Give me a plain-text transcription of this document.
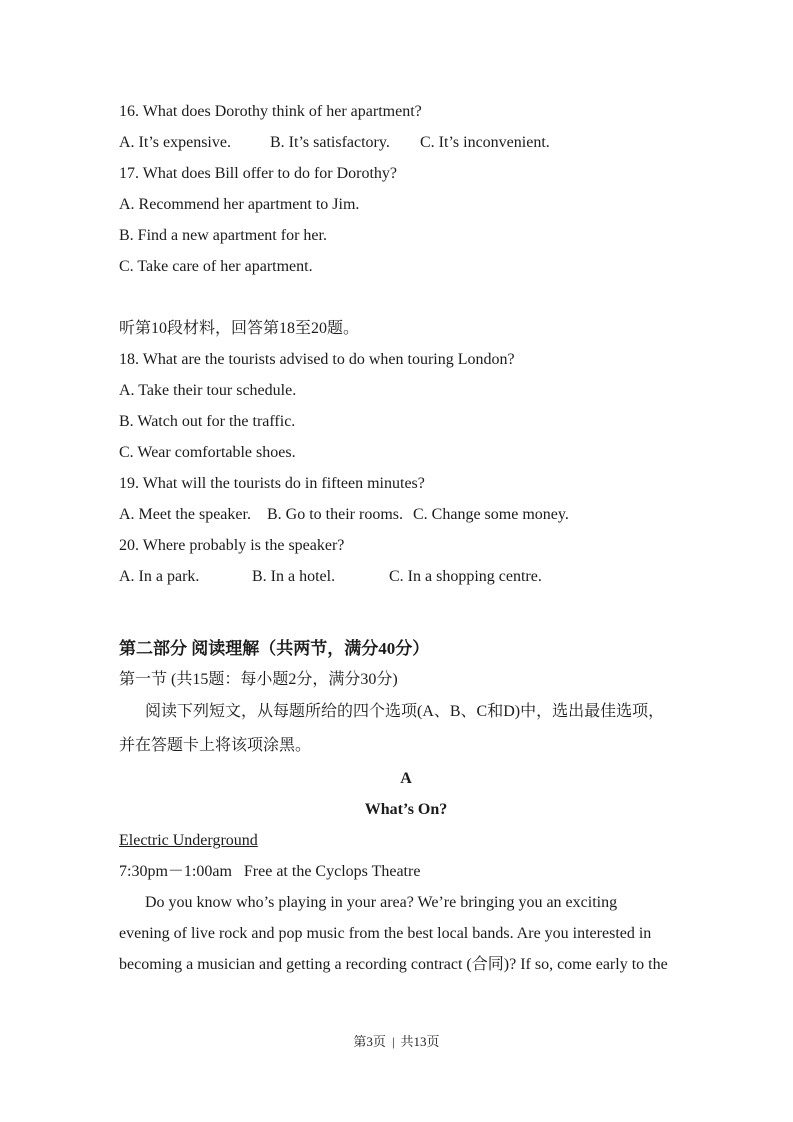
16. What does Dorothy think of her apartment?
A. It’s expensive. B. It’s satisfactory. C. It’s inconvenient.
17. What does Bill offer to do for Dorothy?
A. Recommend her apartment to Jim.
B. Find a new apartment for her.
C. Take care of her apartment.
听第10段材料，回答第18至20题。
18. What are the tourists advised to do when touring London?
A. Take their tour schedule.
B. Watch out for the traffic.
C. Wear comfortable shoes.
19. What will the tourists do in fifteen minutes?
A. Meet the speaker. B. Go to their rooms. C. Change some money.
20. Where probably is the speaker?
A. In a park.	B. In a hotel.	C. In a shopping centre.
第二部分 阅读理解（共两节，满分40分）
第一节 (共15题：每小题2分，满分30分)
阅读下列短文，从每题所给的四个选项(A、B、C和D)中，选出最佳选项，
并在答题卡上将该项涂黑。
A
What’s On?
Electric Underground
7:30pm－1:00am Free at the Cyclops Theatre
Do you know who’s playing in your area? We’re bringing you an exciting
evening of live rock and pop music from the best local bands. Are you interested in
becoming a musician and getting a recording contract (合同)? If so, come early to the
第3页 | 共13页
